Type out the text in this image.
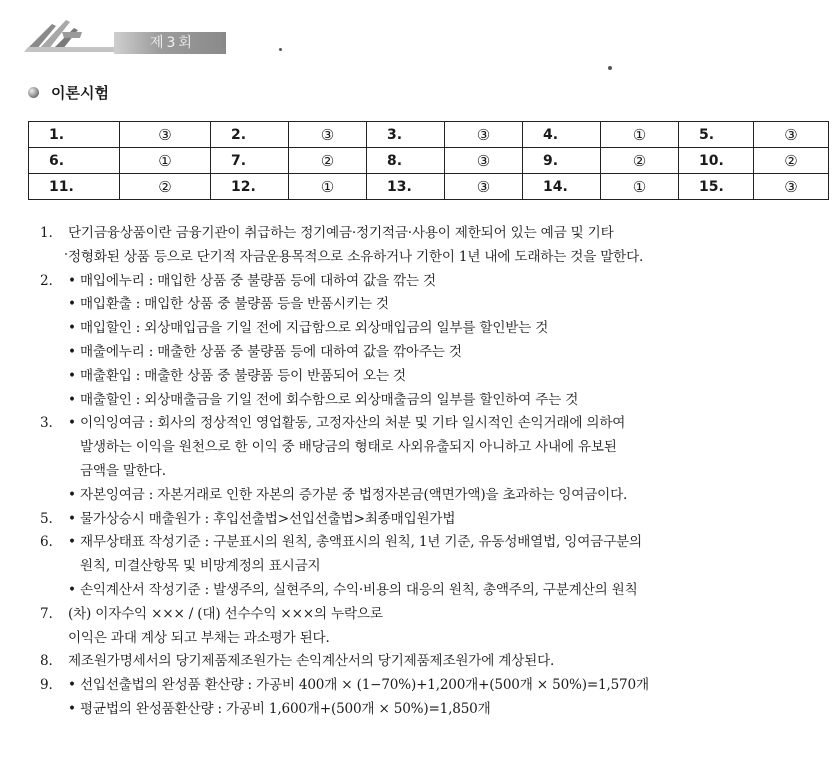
제3회
이론시험
1.	③	2.	③	3.	③	4.	①	5.	③
6.	①	7.	②	8.	③	9.	②	10.	②
11.	②	12.	①	13.	③	14.	①	15.	③
1.	단기금융상품이란 금융기관이 취급하는 정기예금·정기적금·사용이 제한되어 있는 예금 및 기타
정형화된 상품 등으로 단기적 자금운용목적으로 소유하거나 기한이 1년 내에 도래하는 것을 말한다.
2.	• 매입에누리 : 매입한 상품 중 불량품 등에 대하여 값을 깎는 것
• 매입환출 : 매입한 상품 중 불량품 등을 반품시키는 것
• 매입할인 : 외상매입금을 기일 전에 지급함으로 외상매입금의 일부를 할인받는 것
• 매출에누리 : 매출한 상품 중 불량품 등에 대하여 값을 깎아주는 것
• 매출환입 : 매출한 상품 중 불량품 등이 반품되어 오는 것
• 매출할인 : 외상매출금을 기일 전에 회수함으로 외상매출금의 일부를 할인하여 주는 것
3.	• 이익잉여금 : 회사의 정상적인 영업활동, 고정자산의 처분 및 기타 일시적인 손익거래에 의하여
발생하는 이익을 원천으로 한 이익 중 배당금의 형태로 사외유출되지 아니하고 사내에 유보된
금액을 말한다.
• 자본잉여금 : 자본거래로 인한 자본의 증가분 중 법정자본금(액면가액)을 초과하는 잉여금이다.
5.	• 물가상승시 매출원가 : 후입선출법>선입선출법>최종매입원가법
6.	• 재무상태표 작성기준 : 구분표시의 원칙, 총액표시의 원칙, 1년 기준, 유동성배열법, 잉여금구분의
원칙, 미결산항목 및 비망계정의 표시금지
• 손익계산서 작성기준 : 발생주의, 실현주의, 수익·비용의 대응의 원칙, 총액주의, 구분계산의 원칙
7.	(차) 이자수익 ××× / (대) 선수수익 ×××의 누락으로
이익은 과대 계상 되고 부채는 과소평가 된다.
8.	제조원가명세서의 당기제품제조원가는 손익계산서의 당기제품제조원가에 계상된다.
9.	• 선입선출법의 완성품 환산량 : 가공비 400개 × (1−70%)+1,200개+(500개 × 50%)=1,570개
• 평균법의 완성품환산량 : 가공비 1,600개+(500개 × 50%)=1,850개
